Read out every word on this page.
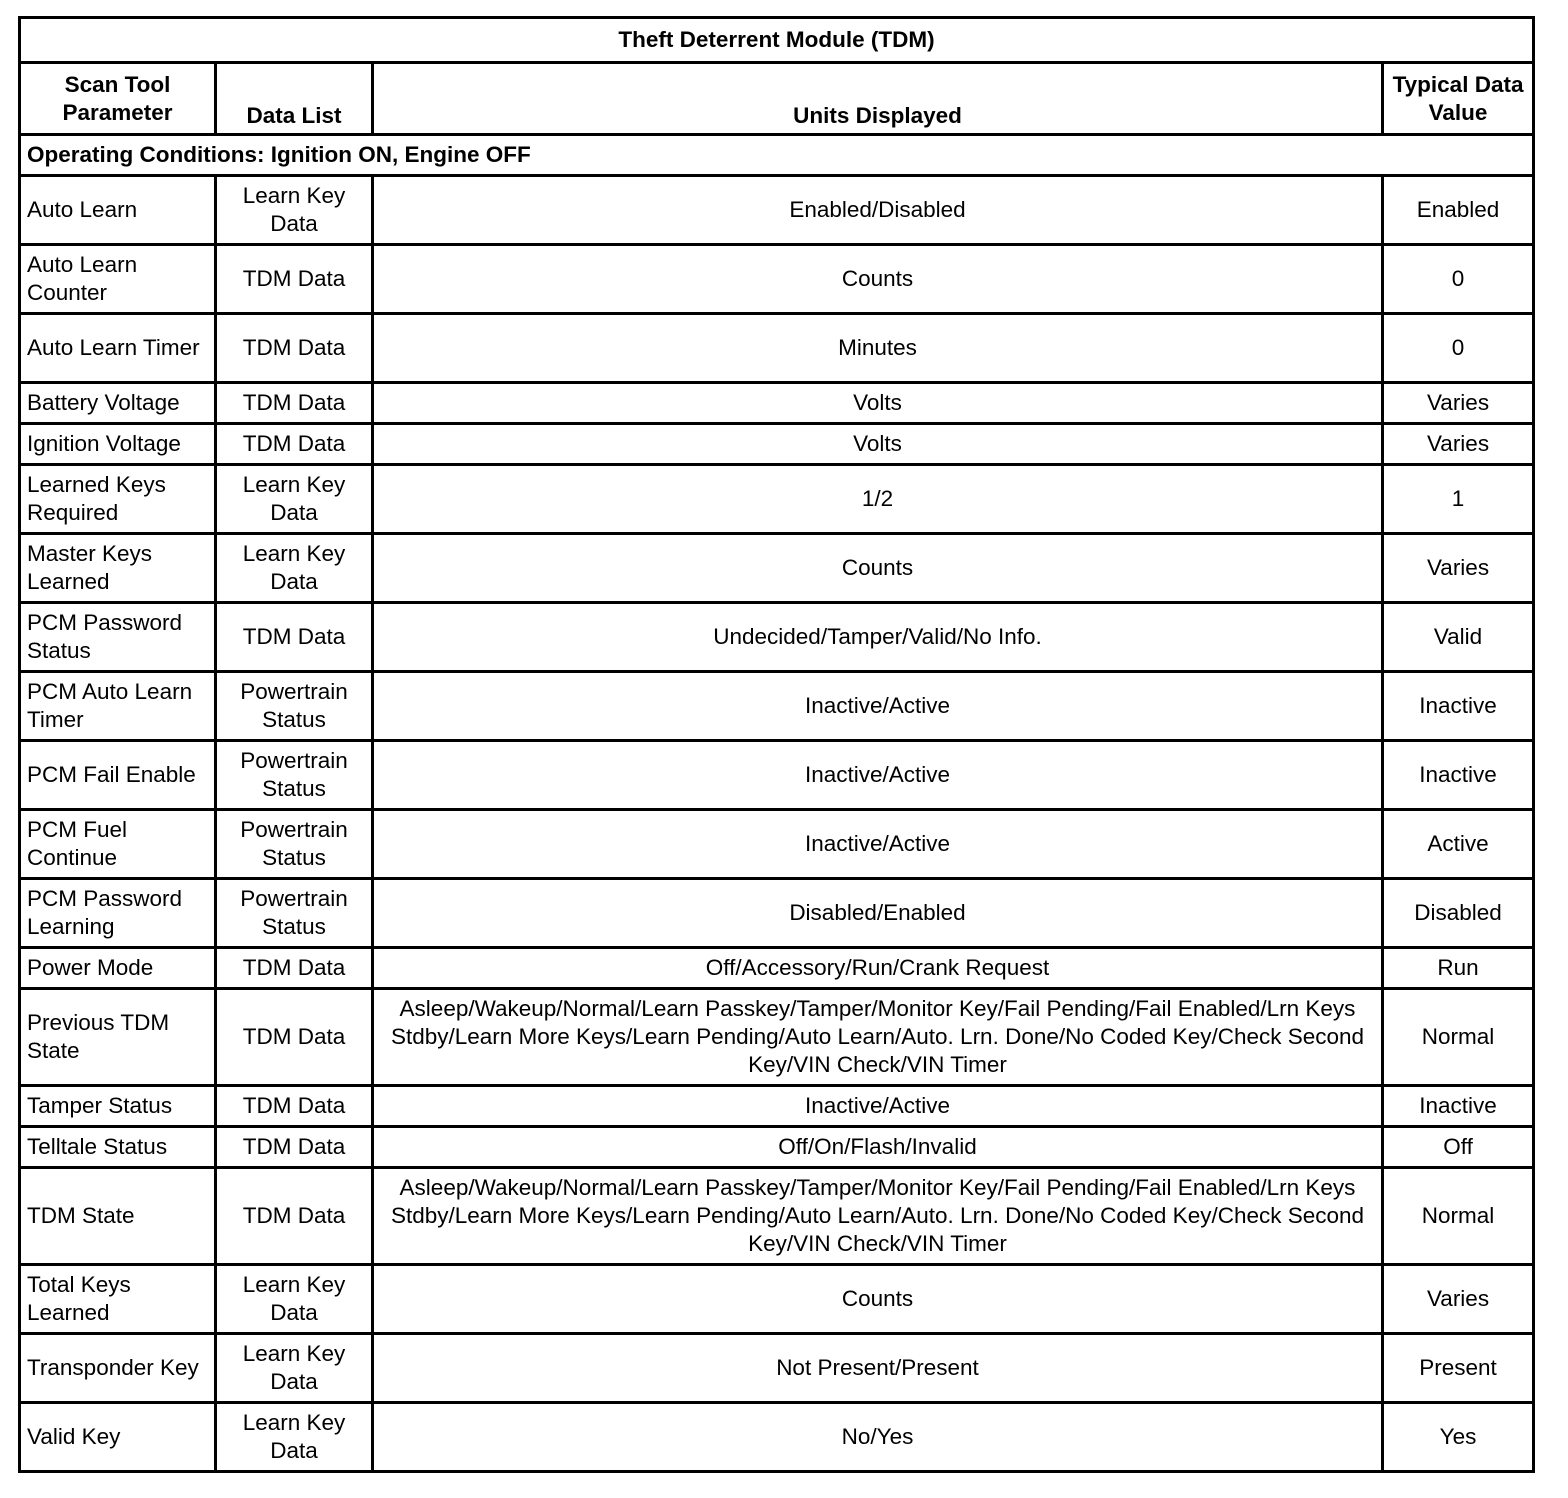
Theft Deterrent Module (TDM)			

Scan Tool Parameter	Data List	Units Displayed	Typical Data Value

Operating Conditions: Ignition ON, Engine OFF			
Auto Learn	Learn Key Data	Enabled/Disabled	Enabled
Auto Learn Counter	TDM Data	Counts	0
Auto Learn Timer	TDM Data	Minutes	0
Battery Voltage	TDM Data	Volts	Varies
Ignition Voltage	TDM Data	Volts	Varies
Learned Keys Required	Learn Key Data	1/2	1
Master Keys Learned	Learn Key Data	Counts	Varies
PCM Password Status	TDM Data	Undecided/Tamper/Valid/No Info.	Valid
PCM Auto Learn Timer	Powertrain Status	Inactive/Active	Inactive
PCM Fail Enable	Powertrain Status	Inactive/Active	Inactive
PCM Fuel Continue	Powertrain Status	Inactive/Active	Active
PCM Password Learning	Powertrain Status	Disabled/Enabled	Disabled
Power Mode	TDM Data	Off/Accessory/Run/Crank Request	Run
Previous TDM State	TDM Data	Asleep/Wakeup/Normal/Learn Passkey/Tamper/Monitor Key/Fail Pending/Fail Enabled/Lrn Keys Stdby/Learn More Keys/Learn Pending/Auto Learn/Auto. Lrn. Done/No Coded Key/Check Second Key/VIN Check/VIN Timer	Normal
Tamper Status	TDM Data	Inactive/Active	Inactive
Telltale Status	TDM Data	Off/On/Flash/Invalid	Off
TDM State	TDM Data	Asleep/Wakeup/Normal/Learn Passkey/Tamper/Monitor Key/Fail Pending/Fail Enabled/Lrn Keys Stdby/Learn More Keys/Learn Pending/Auto Learn/Auto. Lrn. Done/No Coded Key/Check Second Key/VIN Check/VIN Timer	Normal
Total Keys Learned	Learn Key Data	Counts	Varies
Transponder Key	Learn Key Data	Not Present/Present	Present
Valid Key	Learn Key Data	No/Yes	Yes
